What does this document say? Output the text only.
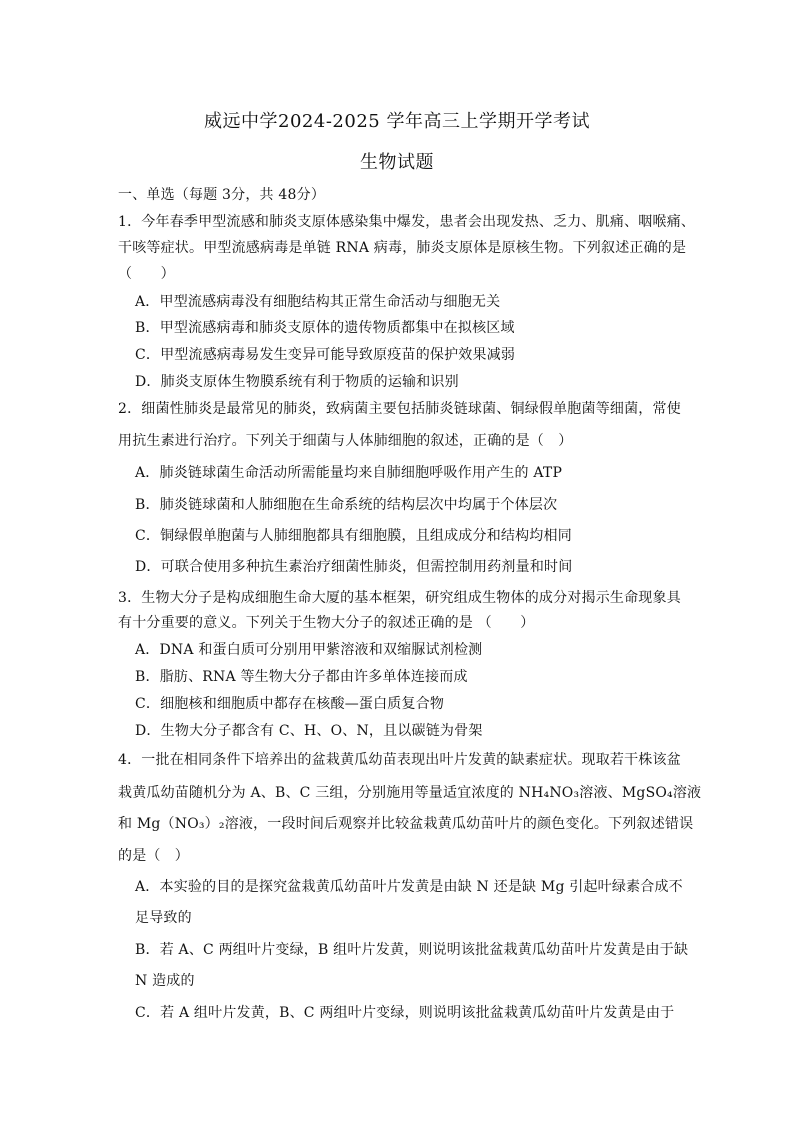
威远中学2024-2025 学年高三上学期开学考试
生物试题
一、单选（每题 3分，共 48分）
1．今年春季甲型流感和肺炎支原体感染集中爆发，患者会出现发热、乏力、肌痛、咽喉痛、
干咳等症状。甲型流感病毒是单链 RNA 病毒，肺炎支原体是原核生物。下列叙述正确的是
（　　）
A．甲型流感病毒没有细胞结构其正常生命活动与细胞无关
B．甲型流感病毒和肺炎支原体的遗传物质都集中在拟核区域
C．甲型流感病毒易发生变异可能导致原疫苗的保护效果减弱
D．肺炎支原体生物膜系统有利于物质的运输和识别
2．细菌性肺炎是最常见的肺炎，致病菌主要包括肺炎链球菌、铜绿假单胞菌等细菌，常使
用抗生素进行治疗。下列关于细菌与人体肺细胞的叙述，正确的是（　）
A．肺炎链球菌生命活动所需能量均来自肺细胞呼吸作用产生的 ATP
B．肺炎链球菌和人肺细胞在生命系统的结构层次中均属于个体层次
C．铜绿假单胞菌与人肺细胞都具有细胞膜，且组成成分和结构均相同
D．可联合使用多种抗生素治疗细菌性肺炎，但需控制用药剂量和时间
3．生物大分子是构成细胞生命大厦的基本框架，研究组成生物体的成分对揭示生命现象具
有十分重要的意义。下列关于生物大分子的叙述正确的是 （　　）
A．DNA 和蛋白质可分别用甲紫溶液和双缩脲试剂检测
B．脂肪、RNA 等生物大分子都由许多单体连接而成
C．细胞核和细胞质中都存在核酸—蛋白质复合物
D．生物大分子都含有 C、H、O、N，且以碳链为骨架
4．一批在相同条件下培养出的盆栽黄瓜幼苗表现出叶片发黄的缺素症状。现取若干株该盆
栽黄瓜幼苗随机分为 A、B、C 三组，分别施用等量适宜浓度的 NH₄NO₃溶液、MgSO₄溶液
和 Mg（NO₃）₂溶液，一段时间后观察并比较盆栽黄瓜幼苗叶片的颜色变化。下列叙述错误
的是（　）
A．本实验的目的是探究盆栽黄瓜幼苗叶片发黄是由缺 N 还是缺 Mg 引起叶绿素合成不
足导致的
B．若 A、C 两组叶片变绿，B 组叶片发黄，则说明该批盆栽黄瓜幼苗叶片发黄是由于缺
N 造成的
C．若 A 组叶片发黄，B、C 两组叶片变绿，则说明该批盆栽黄瓜幼苗叶片发黄是由于
